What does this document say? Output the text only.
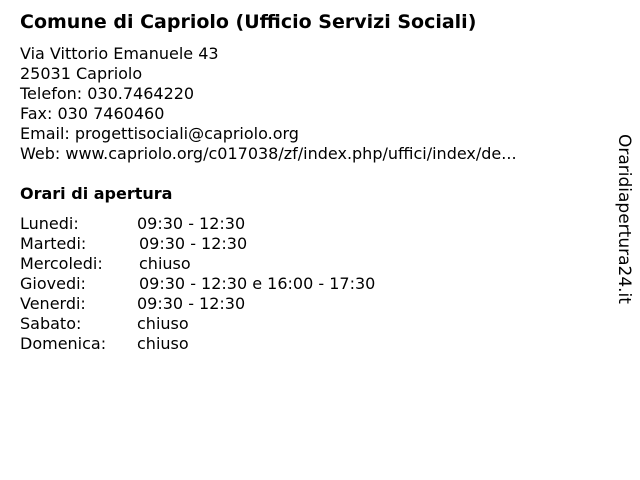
Comune di Capriolo (Ufficio Servizi Sociali)
Via Vittorio Emanuele 43
25031 Capriolo
Telefon: 030.7464220
Fax: 030 7460460
Email: progettisociali@capriolo.org
Web: www.capriolo.org/c017038/zf/index.php/uffici/index/de...
Orari di apertura
Lunedi:	09:30 - 12:30
Martedi:	09:30 - 12:30
Mercoledi: chiuso
Giovedi:	09:30 - 12:30 e 16:00 - 17:30
Venerdi:	09:30 - 12:30
Sabato:	chiuso
Domenica: chiuso
Oraridiapertura24.it
